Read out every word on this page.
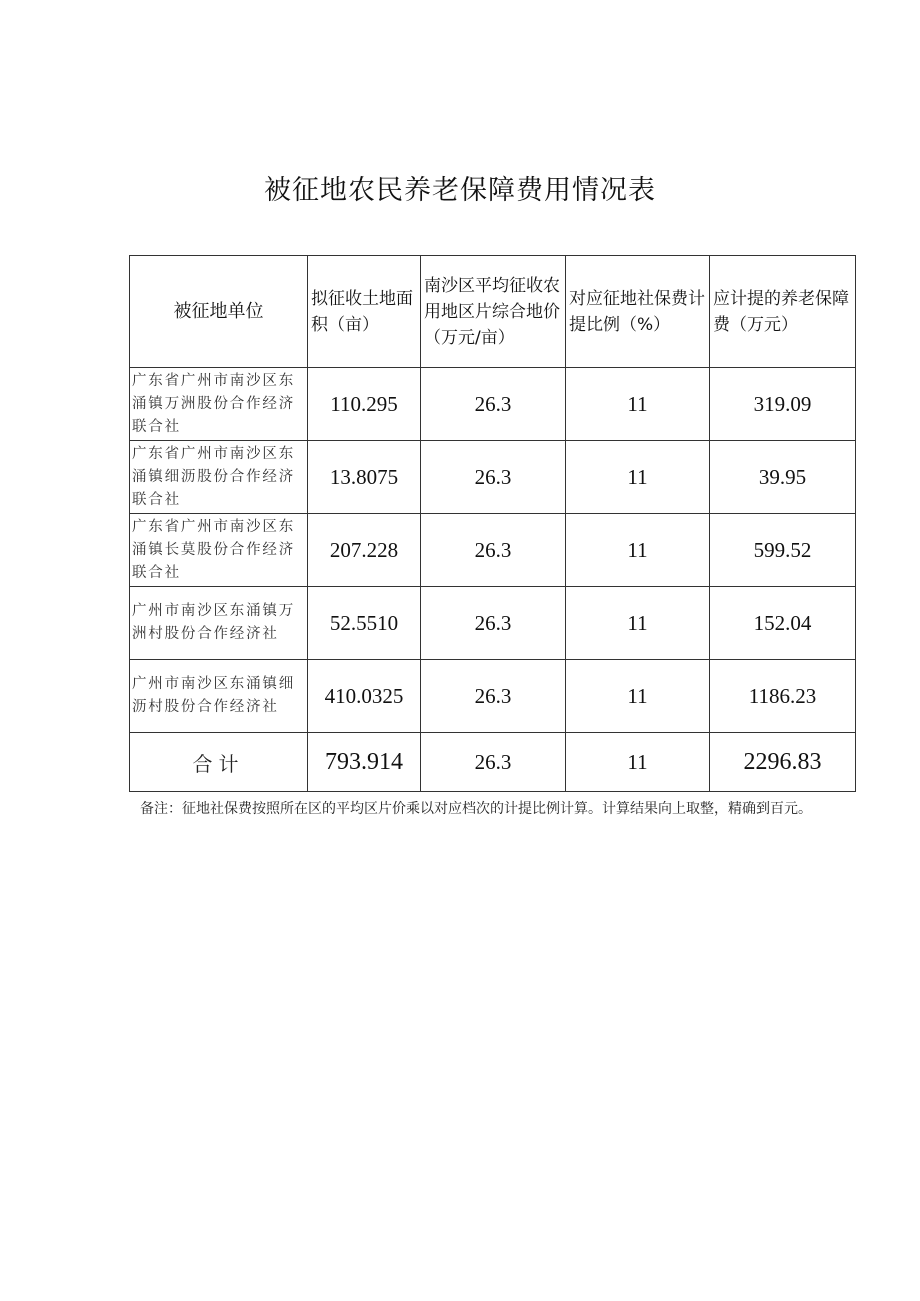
被征地农民养老保障费用情况表
被征地单位	拟征收土地面积（亩）	南沙区平均征收农用地区片综合地价（万元/亩）	对应征地社保费计提比例（%）	应计提的养老保障费（万元）
广东省广州市南沙区东涌镇万洲股份合作经济联合社	110.295	26.3	11	319.09
广东省广州市南沙区东涌镇细沥股份合作经济联合社	13.8075	26.3	11	39.95
广东省广州市南沙区东涌镇长莫股份合作经济联合社	207.228	26.3	11	599.52
广州市南沙区东涌镇万洲村股份合作经济社	52.5510	26.3	11	152.04
广州市南沙区东涌镇细沥村股份合作经济社	410.0325	26.3	11	1186.23
合计	793.914	26.3	11	2296.83
备注：征地社保费按照所在区的平均区片价乘以对应档次的计提比例计算。计算结果向上取整，精确到百元。
